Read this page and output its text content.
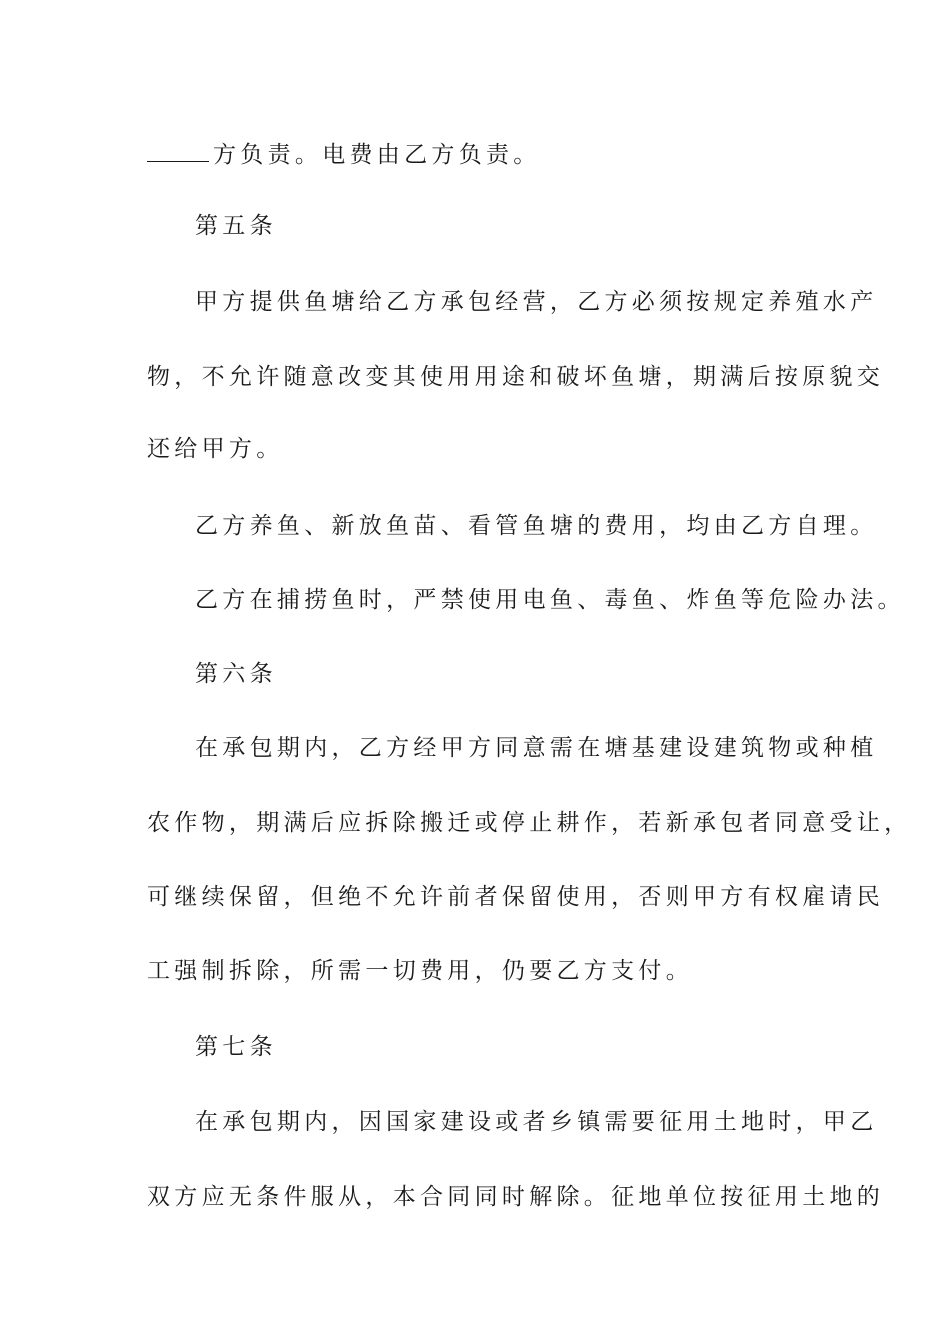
方负责。电费由乙方负责。
第五条
甲方提供鱼塘给乙方承包经营，乙方必须按规定养殖水产
物，不允许随意改变其使用用途和破坏鱼塘，期满后按原貌交
还给甲方。
乙方养鱼、新放鱼苗、看管鱼塘的费用，均由乙方自理。
乙方在捕捞鱼时，严禁使用电鱼、毒鱼、炸鱼等危险办法。
第六条
在承包期内，乙方经甲方同意需在塘基建设建筑物或种植
农作物，期满后应拆除搬迁或停止耕作，若新承包者同意受让，
可继续保留，但绝不允许前者保留使用，否则甲方有权雇请民
工强制拆除，所需一切费用，仍要乙方支付。
第七条
在承包期内，因国家建设或者乡镇需要征用土地时，甲乙
双方应无条件服从，本合同同时解除。征地单位按征用土地的
